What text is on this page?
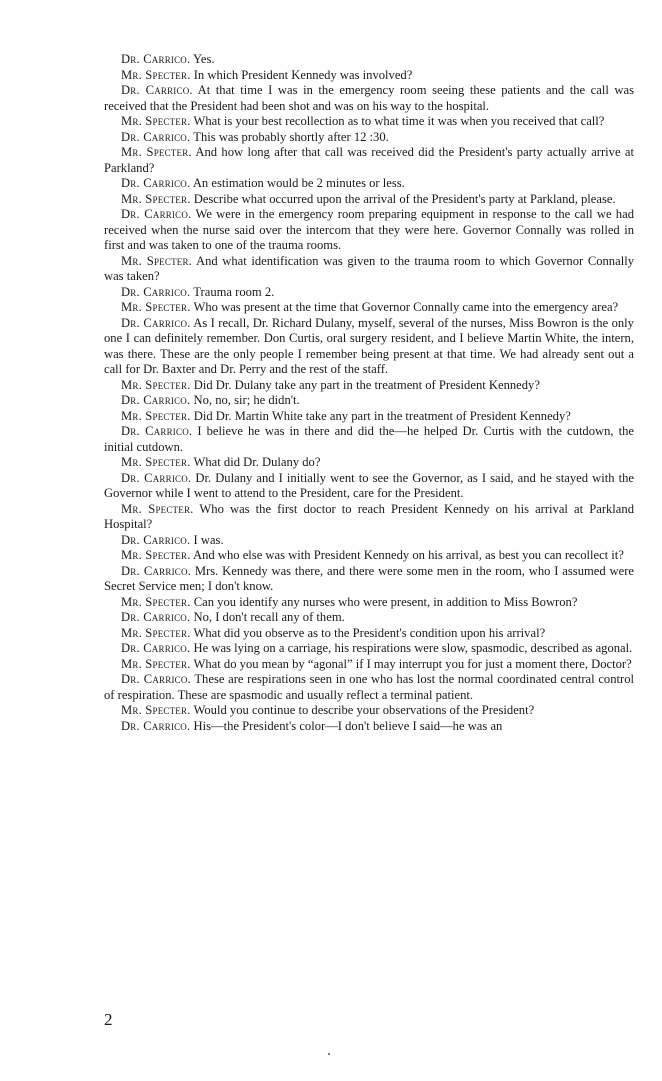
Dr. Carrico. Yes.

Mr. Specter. In which President Kennedy was involved?

Dr. Carrico. At that time I was in the emergency room seeing these patients and the call was received that the President had been shot and was on his way to the hospital.

Mr. Specter. What is your best recollection as to what time it was when you received that call?

Dr. Carrico. This was probably shortly after 12 :30.

Mr. Specter. And how long after that call was received did the President's party actually arrive at Parkland?

Dr. Carrico. An estimation would be 2 minutes or less.

Mr. Specter. Describe what occurred upon the arrival of the President's party at Parkland, please.

Dr. Carrico. We were in the emergency room preparing equipment in response to the call we had received when the nurse said over the intercom that they were here. Governor Connally was rolled in first and was taken to one of the trauma rooms.

Mr. Specter. And what identification was given to the trauma room to which Governor Connally was taken?

Dr. Carrico. Trauma room 2.

Mr. Specter. Who was present at the time that Governor Connally came into the emergency area?

Dr. Carrico. As I recall, Dr. Richard Dulany, myself, several of the nurses, Miss Bowron is the only one I can definitely remember. Don Curtis, oral surgery resident, and I believe Martin White, the intern, was there. These are the only people I remember being present at that time. We had already sent out a call for Dr. Baxter and Dr. Perry and the rest of the staff.

Mr. Specter. Did Dr. Dulany take any part in the treatment of President Kennedy?

Dr. Carrico. No, no, sir; he didn't.

Mr. Specter. Did Dr. Martin White take any part in the treatment of President Kennedy?

Dr. Carrico. I believe he was in there and did the—he helped Dr. Curtis with the cutdown, the initial cutdown.

Mr. Specter. What did Dr. Dulany do?

Dr. Carrico. Dr. Dulany and I initially went to see the Governor, as I said, and he stayed with the Governor while I went to attend to the President, care for the President.

Mr. Specter. Who was the first doctor to reach President Kennedy on his arrival at Parkland Hospital?

Dr. Carrico. I was.

Mr. Specter. And who else was with President Kennedy on his arrival, as best you can recollect it?

Dr. Carrico. Mrs. Kennedy was there, and there were some men in the room, who I assumed were Secret Service men; I don't know.

Mr. Specter. Can you identify any nurses who were present, in addition to Miss Bowron?

Dr. Carrico. No, I don't recall any of them.

Mr. Specter. What did you observe as to the President's condition upon his arrival?

Dr. Carrico. He was lying on a carriage, his respirations were slow, spasmodic, described as agonal.

Mr. Specter. What do you mean by “agonal” if I may interrupt you for just a moment there, Doctor?

Dr. Carrico. These are respirations seen in one who has lost the normal coordinated central control of respiration. These are spasmodic and usually reflect a terminal patient.

Mr. Specter. Would you continue to describe your observations of the President?

Dr. Carrico. His—the President's color—I don't believe I said—he was an

2
